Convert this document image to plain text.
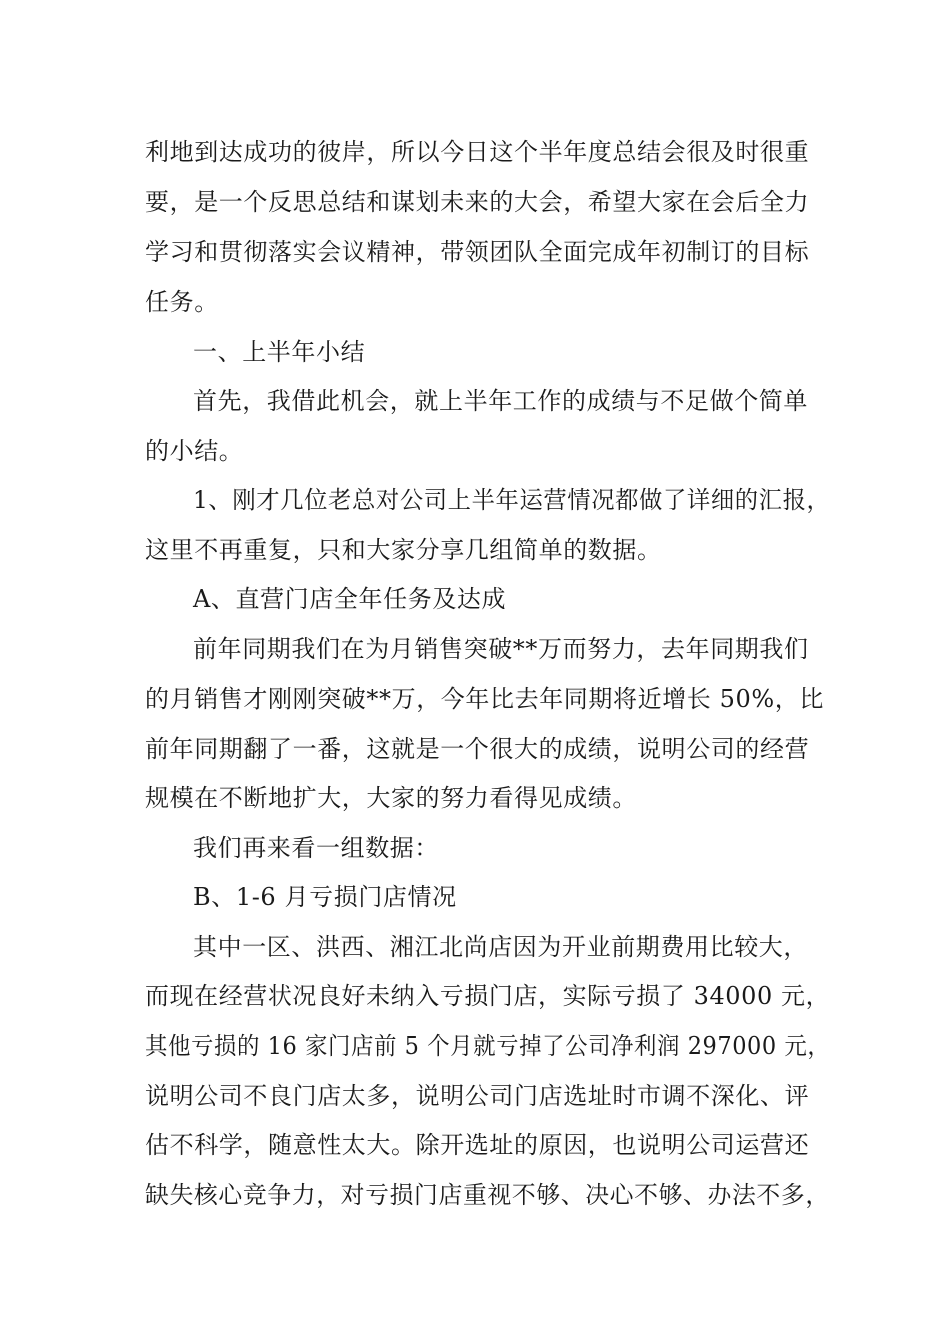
利地到达成功的彼岸，所以今日这个半年度总结会很及时很重
要，是一个反思总结和谋划未来的大会，希望大家在会后全力
学习和贯彻落实会议精神，带领团队全面完成年初制订的目标
任务。
一、上半年小结
首先，我借此机会，就上半年工作的成绩与不足做个简单
的小结。
1、刚才几位老总对公司上半年运营情况都做了详细的汇报，
这里不再重复，只和大家分享几组简单的数据。
A、直营门店全年任务及达成
前年同期我们在为月销售突破**万而努力，去年同期我们
的月销售才刚刚突破**万，今年比去年同期将近增长 50%，比
前年同期翻了一番，这就是一个很大的成绩，说明公司的经营
规模在不断地扩大，大家的努力看得见成绩。
我们再来看一组数据：
B、1-6 月亏损门店情况
其中一区、洪西、湘江北尚店因为开业前期费用比较大，
而现在经营状况良好未纳入亏损门店，实际亏损了 34000 元，
其他亏损的 16 家门店前 5 个月就亏掉了公司净利润 297000 元，
说明公司不良门店太多，说明公司门店选址时市调不深化、评
估不科学，随意性太大。除开选址的原因，也说明公司运营还
缺失核心竞争力，对亏损门店重视不够、决心不够、办法不多，
